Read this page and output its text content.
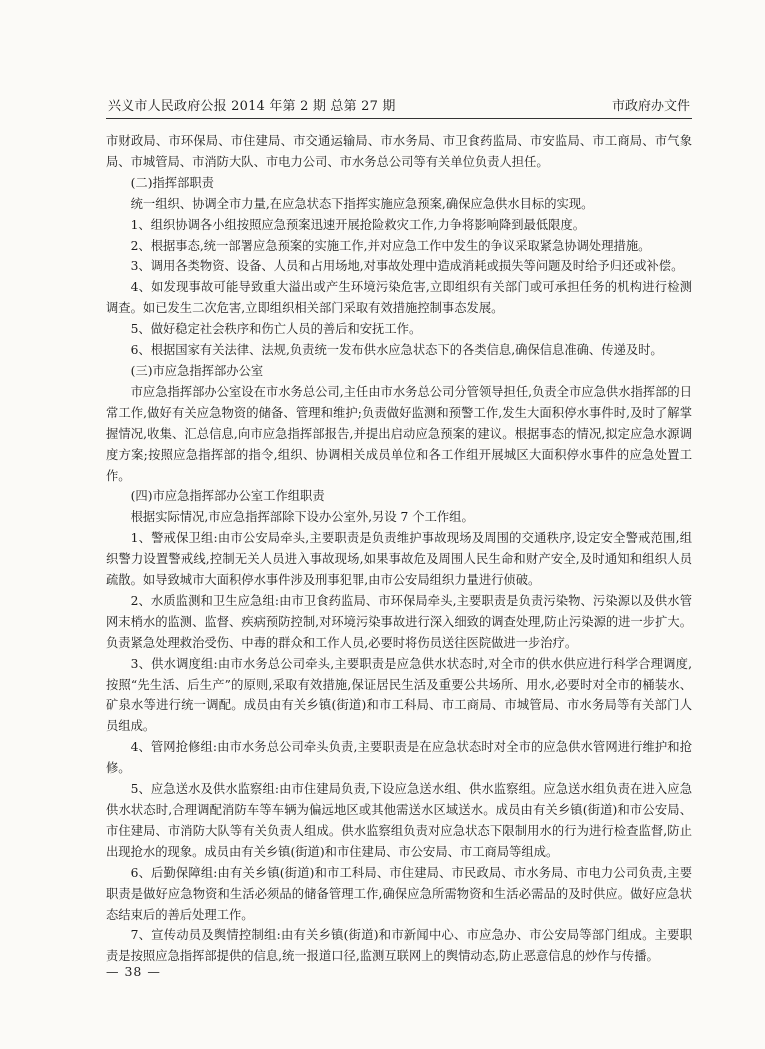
兴义市人民政府公报 2014 年第 2 期 总第 27 期	市政府办文件

市财政局、市环保局、市住建局、市交通运输局、市水务局、市卫食药监局、市安监局、市工商局、市气象局、市城管局、市消防大队、市电力公司、市水务总公司等有关单位负责人担任。

(二)指挥部职责

统一组织、协调全市力量,在应急状态下指挥实施应急预案,确保应急供水目标的实现。

1、组织协调各小组按照应急预案迅速开展抢险救灾工作,力争将影响降到最低限度。

2、根据事态,统一部署应急预案的实施工作,并对应急工作中发生的争议采取紧急协调处理措施。

3、调用各类物资、设备、人员和占用场地,对事故处理中造成消耗或损失等问题及时给予归还或补偿。

4、如发现事故可能导致重大溢出或产生环境污染危害,立即组织有关部门或可承担任务的机构进行检测调查。如已发生二次危害,立即组织相关部门采取有效措施控制事态发展。

5、做好稳定社会秩序和伤亡人员的善后和安抚工作。

6、根据国家有关法律、法规,负责统一发布供水应急状态下的各类信息,确保信息准确、传递及时。

(三)市应急指挥部办公室

市应急指挥部办公室设在市水务总公司,主任由市水务总公司分管领导担任,负责全市应急供水指挥部的日常工作,做好有关应急物资的储备、管理和维护;负责做好监测和预警工作,发生大面积停水事件时,及时了解掌握情况,收集、汇总信息,向市应急指挥部报告,并提出启动应急预案的建议。根据事态的情况,拟定应急水源调度方案;按照应急指挥部的指令,组织、协调相关成员单位和各工作组开展城区大面积停水事件的应急处置工作。

(四)市应急指挥部办公室工作组职责

根据实际情况,市应急指挥部除下设办公室外,另设 7 个工作组。

1、警戒保卫组:由市公安局牵头,主要职责是负责维护事故现场及周围的交通秩序,设定安全警戒范围,组织警力设置警戒线,控制无关人员进入事故现场,如果事故危及周围人民生命和财产安全,及时通知和组织人员疏散。如导致城市大面积停水事件涉及刑事犯罪,由市公安局组织力量进行侦破。

2、水质监测和卫生应急组:由市卫食药监局、市环保局牵头,主要职责是负责污染物、污染源以及供水管网末梢水的监测、监督、疾病预防控制,对环境污染事故进行深入细致的调查处理,防止污染源的进一步扩大。负责紧急处理救治受伤、中毒的群众和工作人员,必要时将伤员送往医院做进一步治疗。

3、供水调度组:由市水务总公司牵头,主要职责是应急供水状态时,对全市的供水供应进行科学合理调度,按照“先生活、后生产”的原则,采取有效措施,保证居民生活及重要公共场所、用水,必要时对全市的桶装水、矿泉水等进行统一调配。成员由有关乡镇(街道)和市工科局、市工商局、市城管局、市水务局等有关部门人员组成。

4、管网抢修组:由市水务总公司牵头负责,主要职责是在应急状态时对全市的应急供水管网进行维护和抢修。

5、应急送水及供水监察组:由市住建局负责,下设应急送水组、供水监察组。应急送水组负责在进入应急供水状态时,合理调配消防车等车辆为偏远地区或其他需送水区域送水。成员由有关乡镇(街道)和市公安局、市住建局、市消防大队等有关负责人组成。供水监察组负责对应急状态下限制用水的行为进行检查监督,防止出现抢水的现象。成员由有关乡镇(街道)和市住建局、市公安局、市工商局等组成。

6、后勤保障组:由有关乡镇(街道)和市工科局、市住建局、市民政局、市水务局、市电力公司负责,主要职责是做好应急物资和生活必须品的储备管理工作,确保应急所需物资和生活必需品的及时供应。做好应急状态结束后的善后处理工作。

7、宣传动员及舆情控制组:由有关乡镇(街道)和市新闻中心、市应急办、市公安局等部门组成。主要职责是按照应急指挥部提供的信息,统一报道口径,监测互联网上的舆情动态,防止恶意信息的炒作与传播。

— 38 —
